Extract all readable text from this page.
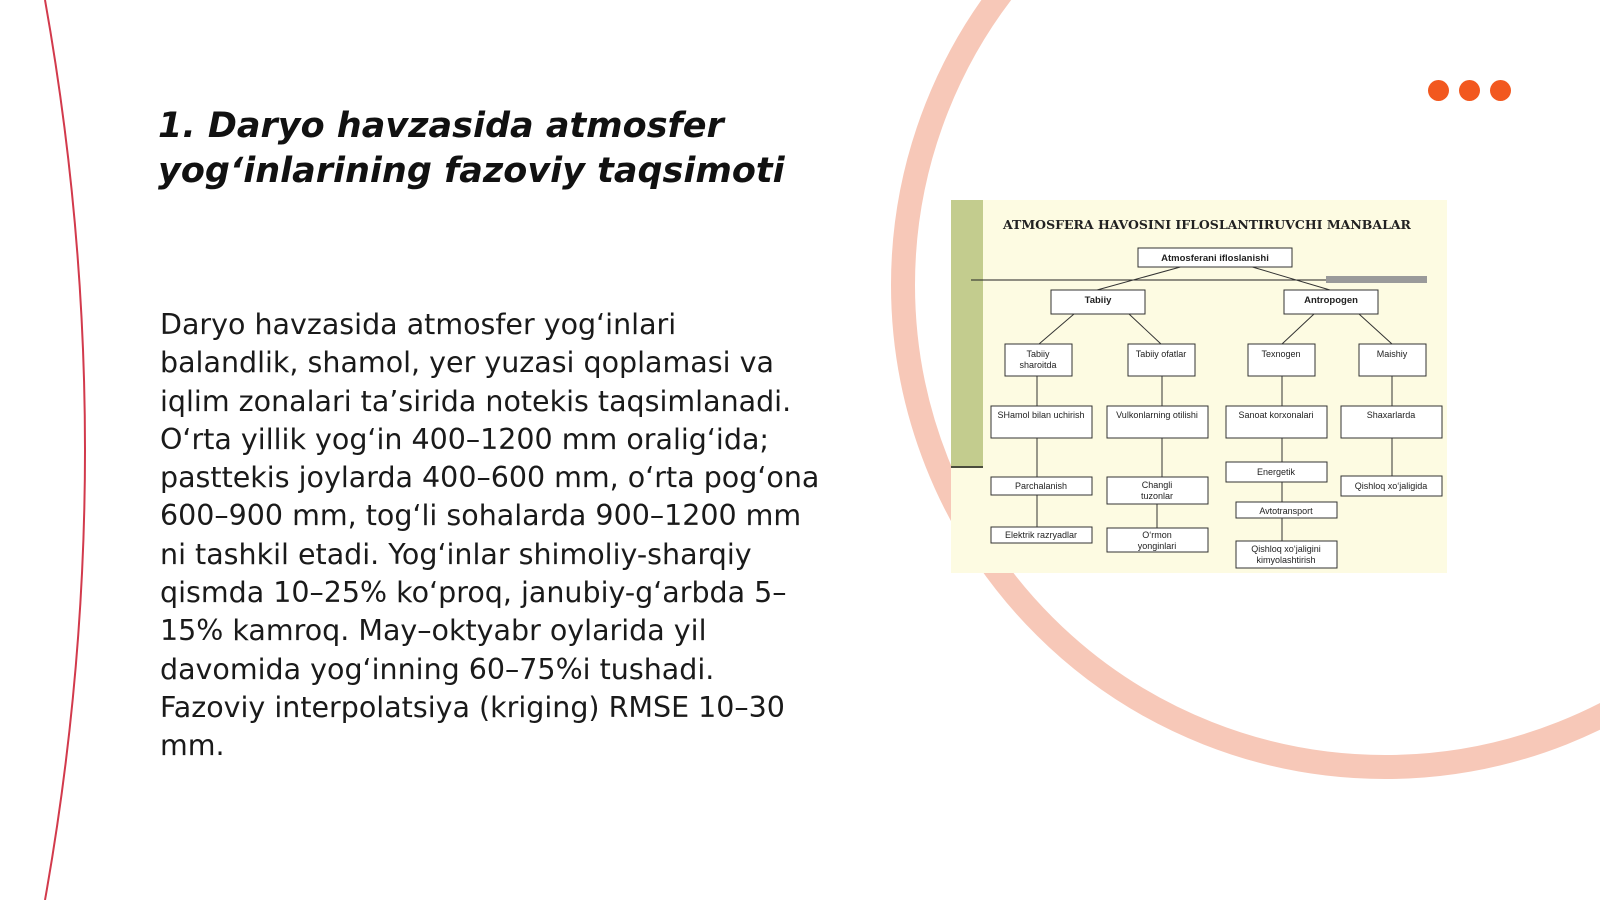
1. Daryo havzasida atmosfer
yog‘inlarining fazoviy taqsimoti
Daryo havzasida atmosfer yog‘inlari
balandlik, shamol, yer yuzasi qoplamasi va
iqlim zonalari ta’sirida notekis taqsimlanadi.
O‘rta yillik yog‘in 400–1200 mm oralig‘ida;
pasttekis joylarda 400–600 mm, o‘rta pog‘ona
600–900 mm, tog‘li sohalarda 900–1200 mm
ni tashkil etadi. Yog‘inlar shimoliy-sharqiy
qismda 10–25% ko‘proq, janubiy-g‘arbda 5–
15% kamroq. May–oktyabr oylarida yil
davomida yog‘inning 60–75%i tushadi.
Fazoviy interpolatsiya (kriging) RMSE 10–30
mm.
ATMOSFERA HAVOSINI IFLOSLANTIRUVCHI MANBALAR
Atmosferani ifloslanishi
Tabiiy	Antropogen
Tabiiy
sharoitda
Tabiiy ofatlar	Texnogen	Maishiy
SHamol bilan uchirish	Vulkonlarning otilishi	Sanoat korxonalari	Shaxarlarda
Parchalanish	Changli
tuzonlar
Energetik
Qishloq xo‘jaligida
Elektrik razryadlar	O‘rmon
yonginlari
Avtotransport
Qishloq xo‘jaligini
kimyolashtirish
